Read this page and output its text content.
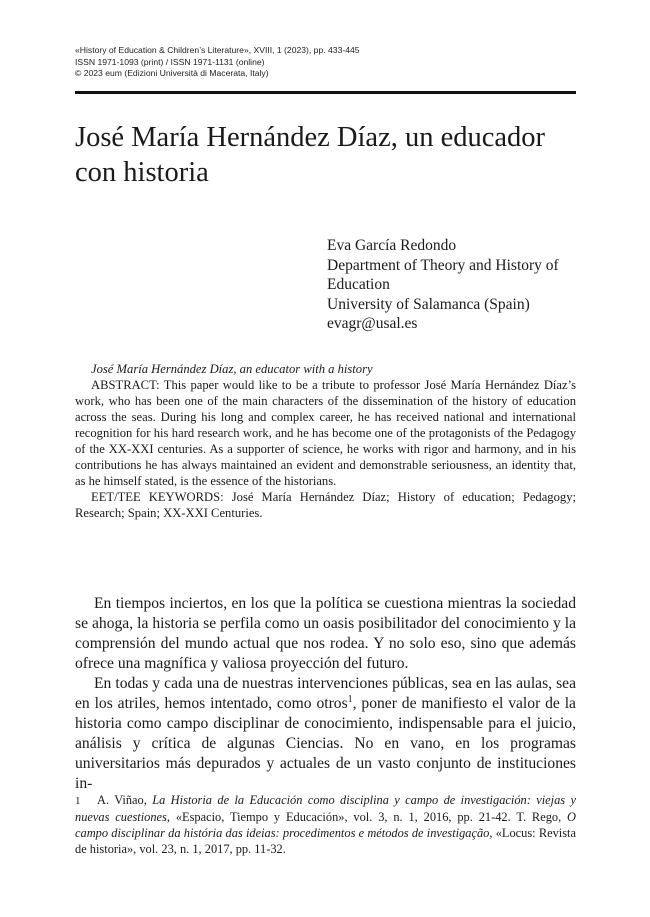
«History of Education & Children’s Literature», XVIII, 1 (2023), pp. 433-445
ISSN 1971-1093 (print) / ISSN 1971-1131 (online)
© 2023 eum (Edizioni Università di Macerata, Italy)
José María Hernández Díaz, un educador
con historia
Eva García Redondo
Department of Theory and History of
Education
University of Salamanca (Spain)
evagr@usal.es
José María Hernández Díaz, an educator with a history

ABSTRACT: This paper would like to be a tribute to professor José María Hernández Díaz’s work, who has been one of the main characters of the dissemination of the history of education across the seas. During his long and complex career, he has received national and international recognition for his hard research work, and he has become one of the protagonists of the Pedagogy of the XX-XXI centuries. As a supporter of science, he works with rigor and harmony, and in his contributions he has always maintained an evident and demonstrable seriousness, an identity that, as he himself stated, is the essence of the historians.

EET/TEE KEYWORDS: José María Hernández Díaz; History of education; Pedagogy; Research; Spain; XX-XXI Centuries.

En tiempos inciertos, en los que la política se cuestiona mientras la sociedad se ahoga, la historia se perfila como un oasis posibilitador del conocimiento y la comprensión del mundo actual que nos rodea. Y no solo eso, sino que además ofrece una magnífica y valiosa proyección del futuro.

En todas y cada una de nuestras intervenciones públicas, sea en las aulas, sea en los atriles, hemos intentado, como otros$^1$, poner de manifiesto el valor de la historia como campo disciplinar de conocimiento, indispensable para el juicio, análisis y crítica de algunas Ciencias. No en vano, en los programas universitarios más depurados y actuales de un vasto conjunto de instituciones in-

1 A. Viñao, La Historia de la Educación como disciplina y campo de investigación: viejas y
nuevas cuestiones, «Espacio, Tiempo y Educación», vol. 3, n. 1, 2016, pp. 21-42. T. Rego, O
campo disciplinar da história das ideias: procedimentos e métodos de investigação, «Locus: Revista
de historia», vol. 23, n. 1, 2017, pp. 11-32.
